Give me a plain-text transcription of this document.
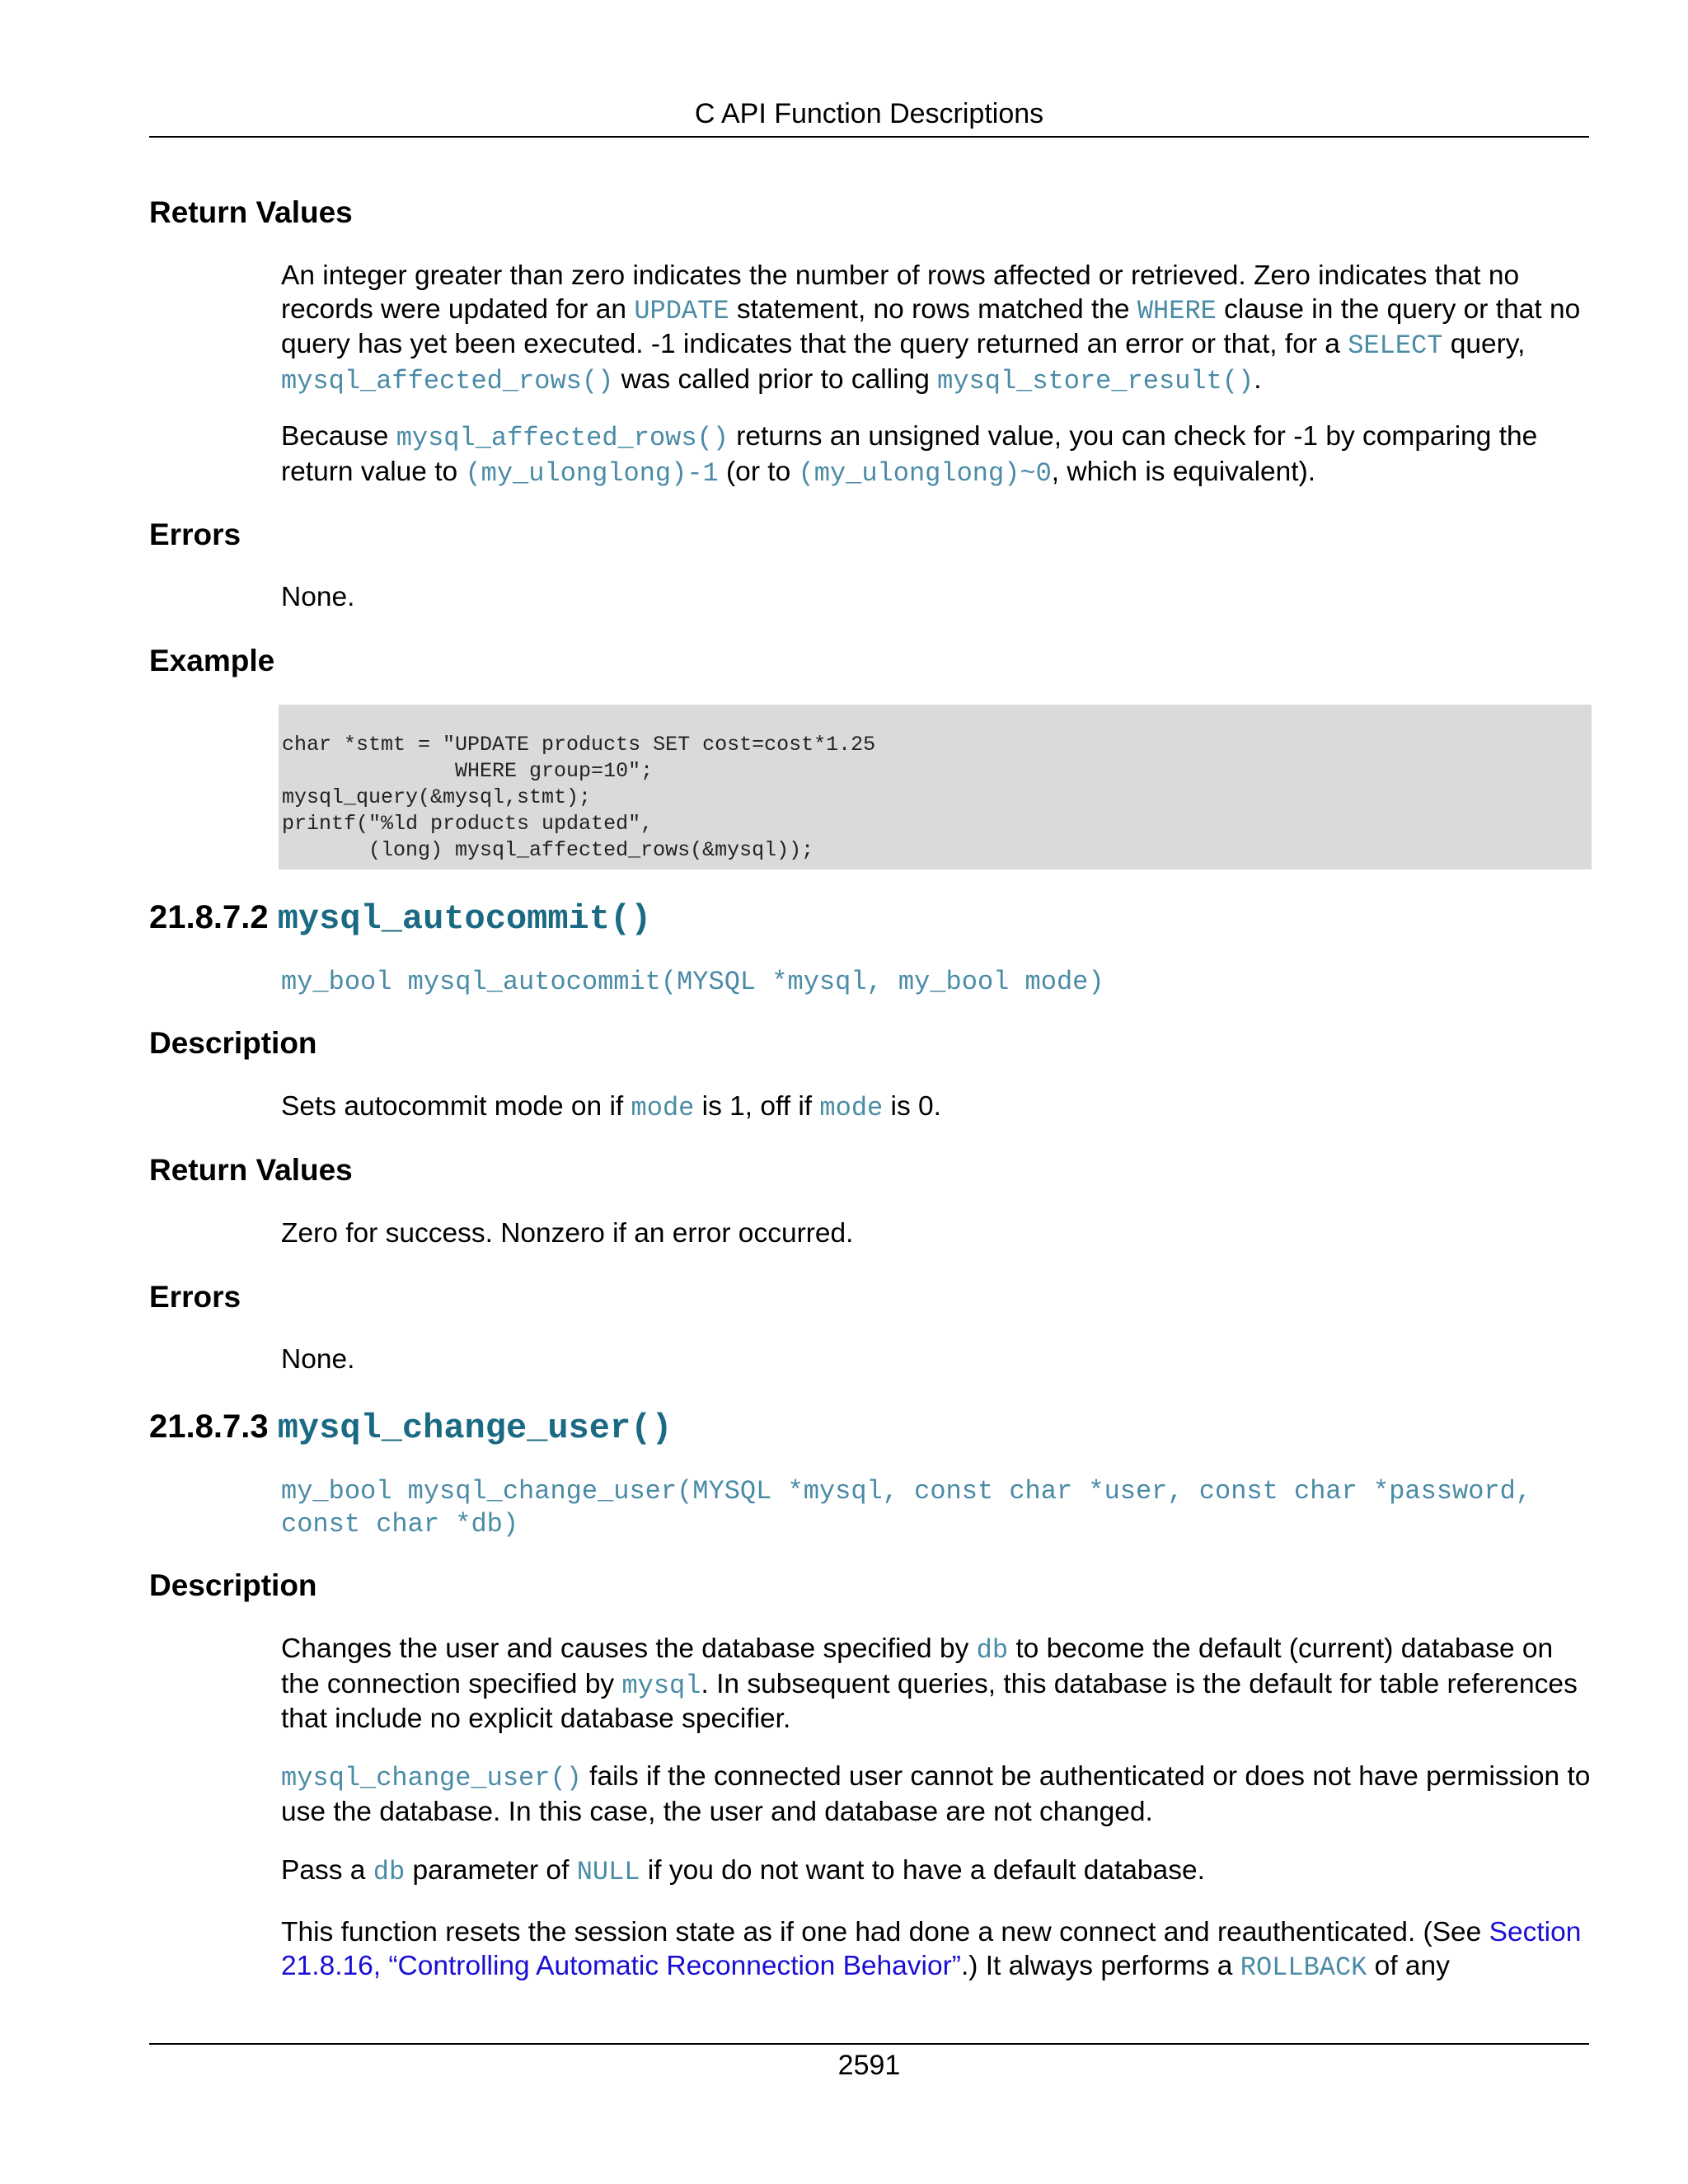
C API Function Descriptions
Return Values

An integer greater than zero indicates the number of rows affected or retrieved. Zero indicates that no records were updated for an UPDATE statement, no rows matched the WHERE clause in the query or that no query has yet been executed. -1 indicates that the query returned an error or that, for a SELECT query, mysql_affected_rows() was called prior to calling mysql_store_result().

Because mysql_affected_rows() returns an unsigned value, you can check for -1 by comparing the return value to (my_ulonglong)-1 (or to (my_ulonglong)~0, which is equivalent).

Errors

None.

Example
char *stmt = "UPDATE products SET cost=cost*1.25
WHERE group=10";
mysql_query(&mysql,stmt);
printf("%ld products updated",
(long) mysql_affected_rows(&mysql));
21.8.7.2 mysql_autocommit()
my_bool mysql_autocommit(MYSQL *mysql, my_bool mode)
Description

Sets autocommit mode on if mode is 1, off if mode is 0.

Return Values

Zero for success. Nonzero if an error occurred.

Errors

None.

21.8.7.3 mysql_change_user()
my_bool mysql_change_user(MYSQL *mysql, const char *user, const char *password,
const char *db)
Description

Changes the user and causes the database specified by db to become the default (current) database on the connection specified by mysql. In subsequent queries, this database is the default for table references that include no explicit database specifier.

mysql_change_user() fails if the connected user cannot be authenticated or does not have permission to use the database. In this case, the user and database are not changed.

Pass a db parameter of NULL if you do not want to have a default database.

This function resets the session state as if one had done a new connect and reauthenticated. (See Section 21.8.16, “Controlling Automatic Reconnection Behavior”.) It always performs a ROLLBACK of any

2591
